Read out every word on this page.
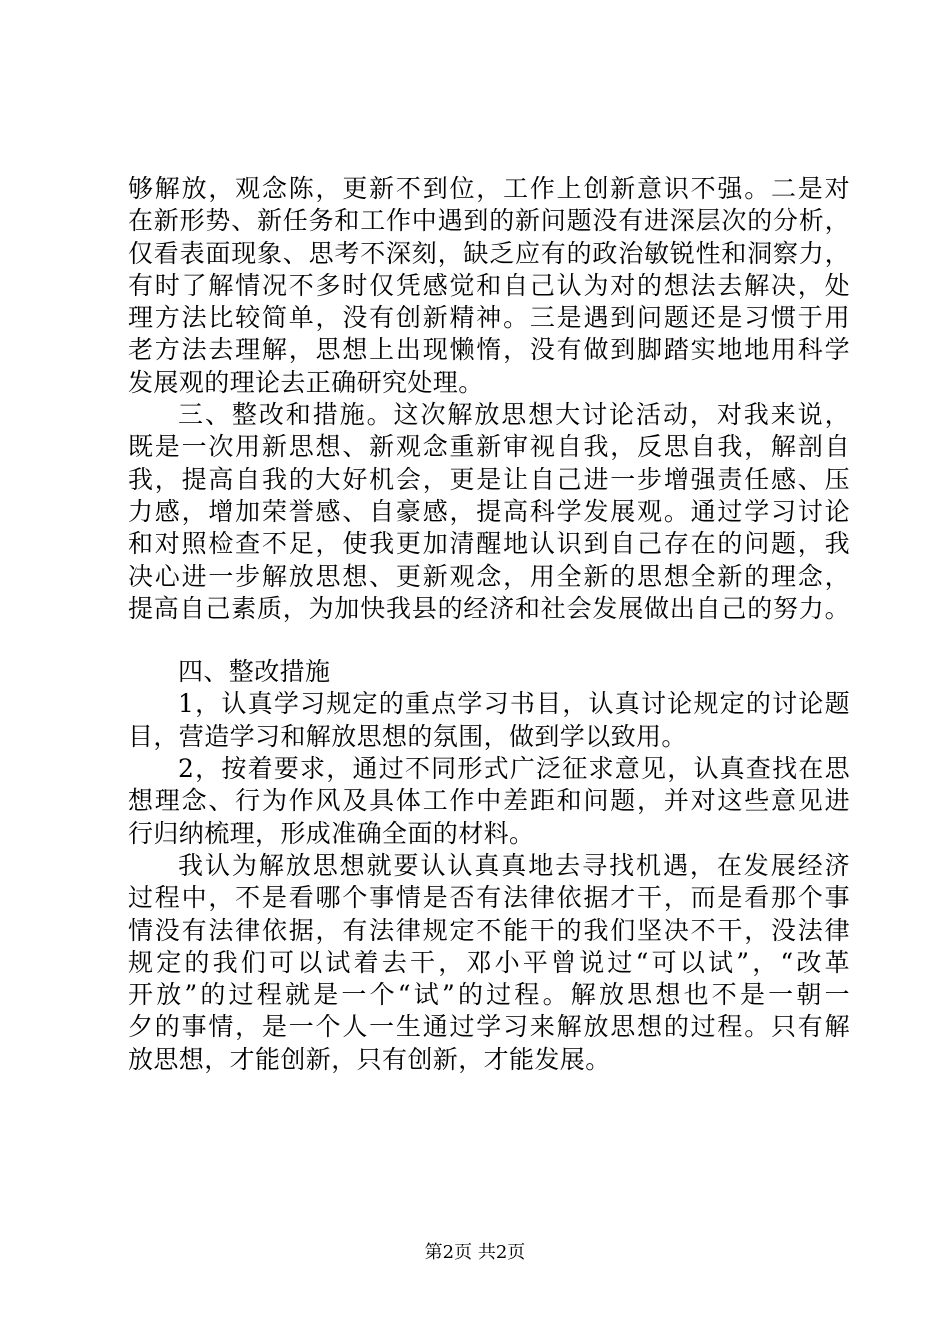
够解放，观念陈，更新不到位，工作上创新意识不强。二是对
在新形势、新任务和工作中遇到的新问题没有进深层次的分析，
仅看表面现象、思考不深刻，缺乏应有的政治敏锐性和洞察力，
有时了解情况不多时仅凭感觉和自己认为对的想法去解决，处
理方法比较简单，没有创新精神。三是遇到问题还是习惯于用
老方法去理解，思想上出现懒惰，没有做到脚踏实地地用科学
发展观的理论去正确研究处理。
三、整改和措施。这次解放思想大讨论活动，对我来说，
既是一次用新思想、新观念重新审视自我，反思自我，解剖自
我，提高自我的大好机会，更是让自己进一步增强责任感、压
力感，增加荣誉感、自豪感，提高科学发展观。通过学习讨论
和对照检查不足，使我更加清醒地认识到自己存在的问题，我
决心进一步解放思想、更新观念，用全新的思想全新的理念，
提高自己素质，为加快我县的经济和社会发展做出自己的努力。
四、整改措施
1，认真学习规定的重点学习书目，认真讨论规定的讨论题
目，营造学习和解放思想的氛围，做到学以致用。
2，按着要求，通过不同形式广泛征求意见，认真查找在思
想理念、行为作风及具体工作中差距和问题，并对这些意见进
行归纳梳理，形成准确全面的材料。
我认为解放思想就要认认真真地去寻找机遇，在发展经济
过程中，不是看哪个事情是否有法律依据才干，而是看那个事
情没有法律依据，有法律规定不能干的我们坚决不干，没法律
规定的我们可以试着去干，邓小平曾说过“可以试”，“改革
开放”的过程就是一个“试”的过程。解放思想也不是一朝一
夕的事情，是一个人一生通过学习来解放思想的过程。只有解
放思想，才能创新，只有创新，才能发展。
第2页 共2页
